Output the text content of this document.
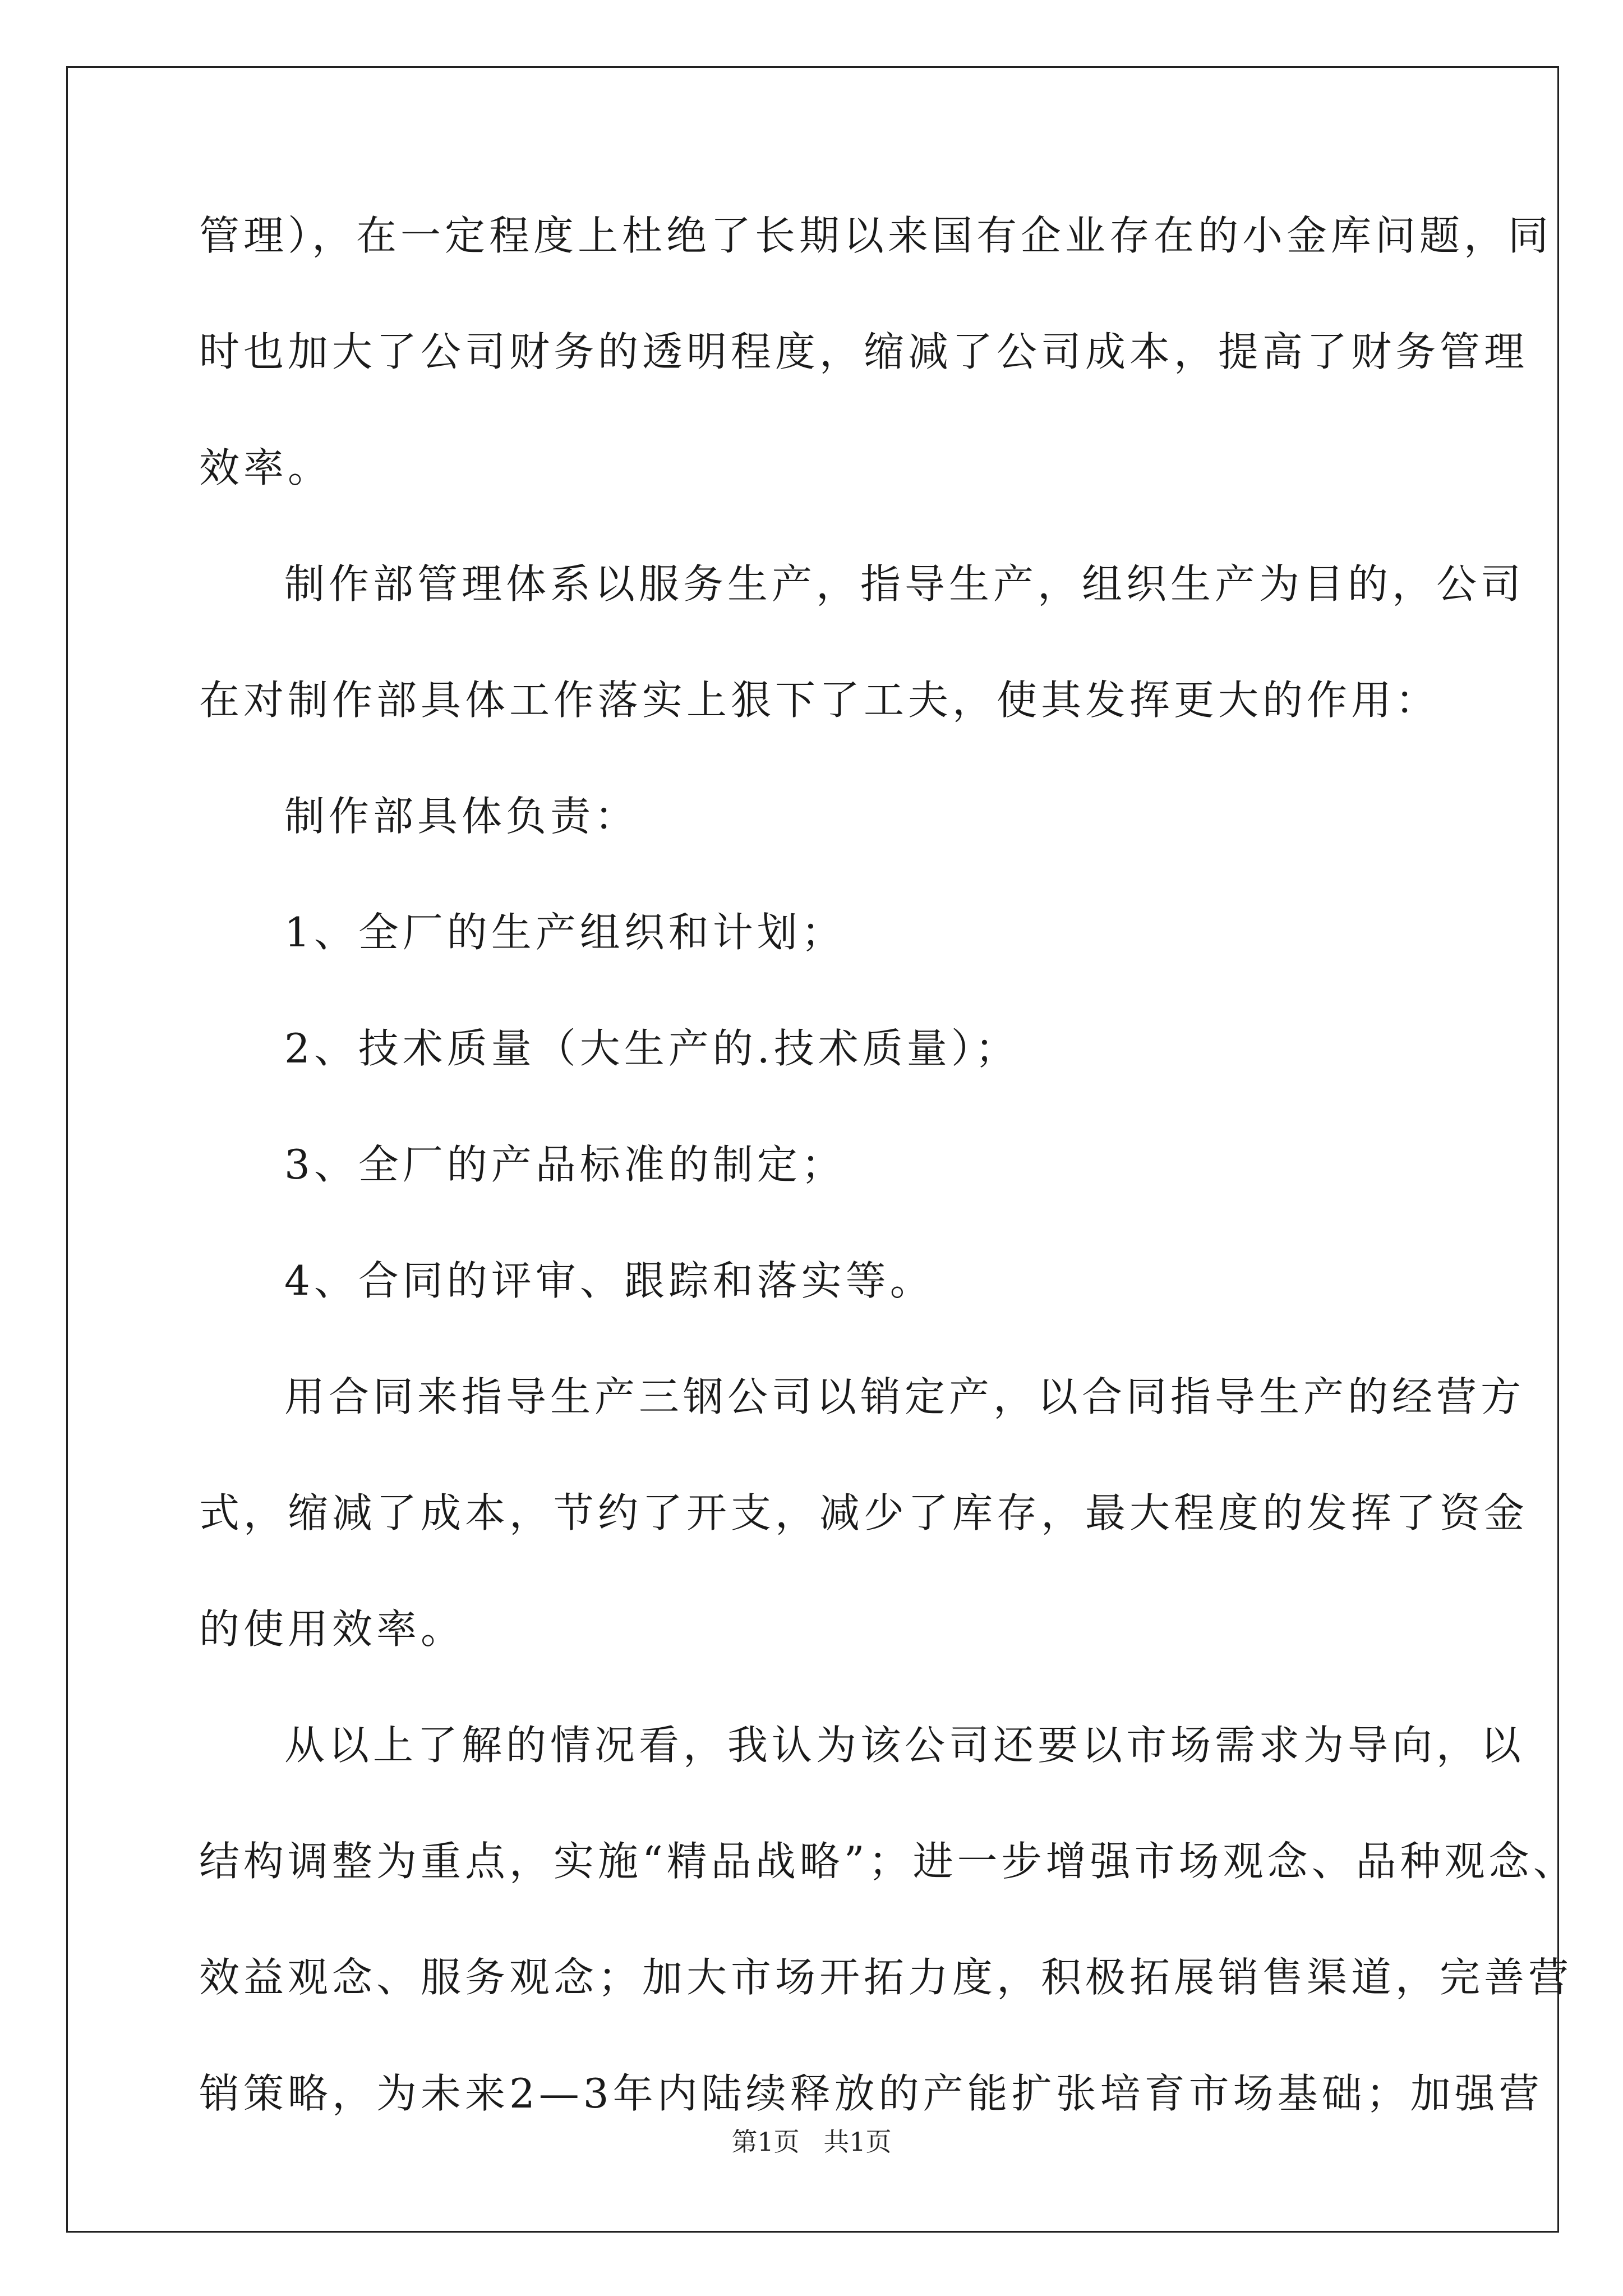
管理），在一定程度上杜绝了长期以来国有企业存在的小金库问题，同
时也加大了公司财务的透明程度，缩减了公司成本，提高了财务管理
效率。
制作部管理体系以服务生产，指导生产，组织生产为目的，公司
在对制作部具体工作落实上狠下了工夫，使其发挥更大的作用：
制作部具体负责：
1、全厂的生产组织和计划；
2、技术质量（大生产的.技术质量）；
3、全厂的产品标准的制定；
4、合同的评审、跟踪和落实等。
用合同来指导生产三钢公司以销定产，以合同指导生产的经营方
式，缩减了成本，节约了开支，减少了库存，最大程度的发挥了资金
的使用效率。
从以上了解的情况看，我认为该公司还要以市场需求为导向，以
结构调整为重点，实施“精品战略”；进一步增强市场观念、品种观念、
效益观念、服务观念；加大市场开拓力度，积极拓展销售渠道，完善营
销策略，为未来2—3年内陆续释放的产能扩张培育市场基础；加强营
第1页 共1页
